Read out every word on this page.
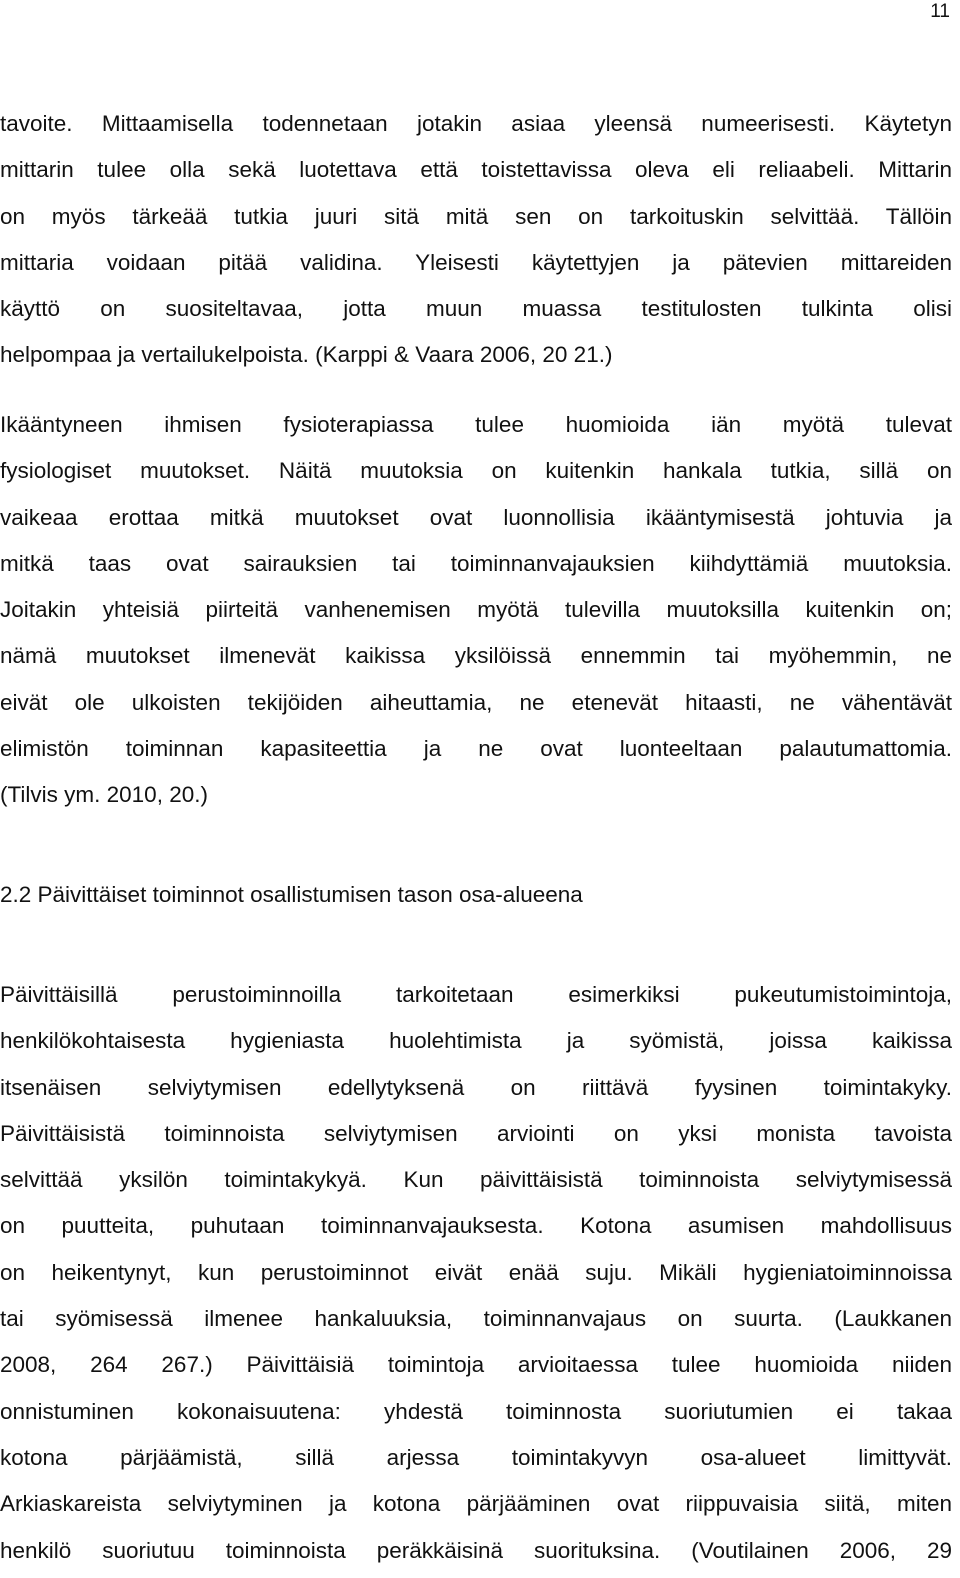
11
tavoite. Mittaamisella todennetaan jotakin asiaa yleensä numeerisesti. Käytetyn
mittarin tulee olla sekä luotettava että toistettavissa oleva eli reliaabeli. Mittarin
on myös tärkeää tutkia juuri sitä mitä sen on tarkoituskin selvittää. Tällöin
mittaria voidaan pitää validina. Yleisesti käytettyjen ja pätevien mittareiden
käyttö on suositeltavaa, jotta muun muassa testitulosten tulkinta olisi
helpompaa ja vertailukelpoista. (Karppi & Vaara 2006, 20 21.)
Ikääntyneen ihmisen fysioterapiassa tulee huomioida iän myötä tulevat
fysiologiset muutokset. Näitä muutoksia on kuitenkin hankala tutkia, sillä on
vaikeaa erottaa mitkä muutokset ovat luonnollisia ikääntymisestä johtuvia ja
mitkä taas ovat sairauksien tai toiminnanvajauksien kiihdyttämiä muutoksia.
Joitakin yhteisiä piirteitä vanhenemisen myötä tulevilla muutoksilla kuitenkin on;
nämä muutokset ilmenevät kaikissa yksilöissä ennemmin tai myöhemmin, ne
eivät ole ulkoisten tekijöiden aiheuttamia, ne etenevät hitaasti, ne vähentävät
elimistön toiminnan kapasiteettia ja ne ovat luonteeltaan palautumattomia.
(Tilvis ym. 2010, 20.)
2.2 Päivittäiset toiminnot osallistumisen tason osa-alueena
Päivittäisillä perustoiminnoilla tarkoitetaan esimerkiksi pukeutumistoimintoja,
henkilökohtaisesta hygieniasta huolehtimista ja syömistä, joissa kaikissa
itsenäisen selviytymisen edellytyksenä on riittävä fyysinen toimintakyky.
Päivittäisistä toiminnoista selviytymisen arviointi on yksi monista tavoista
selvittää yksilön toimintakykyä. Kun päivittäisistä toiminnoista selviytymisessä
on puutteita, puhutaan toiminnanvajauksesta. Kotona asumisen mahdollisuus
on heikentynyt, kun perustoiminnot eivät enää suju. Mikäli hygieniatoiminnoissa
tai syömisessä ilmenee hankaluuksia, toiminnanvajaus on suurta. (Laukkanen
2008, 264 267.) Päivittäisiä toimintoja arvioitaessa tulee huomioida niiden
onnistuminen kokonaisuutena: yhdestä toiminnosta suoriutumien ei takaa
kotona pärjäämistä, sillä arjessa toimintakyvyn osa-alueet limittyvät.
Arkiaskareista selviytyminen ja kotona pärjääminen ovat riippuvaisia siitä, miten
henkilö suoriutuu toiminnoista peräkkäisinä suorituksina. (Voutilainen 2006, 29
